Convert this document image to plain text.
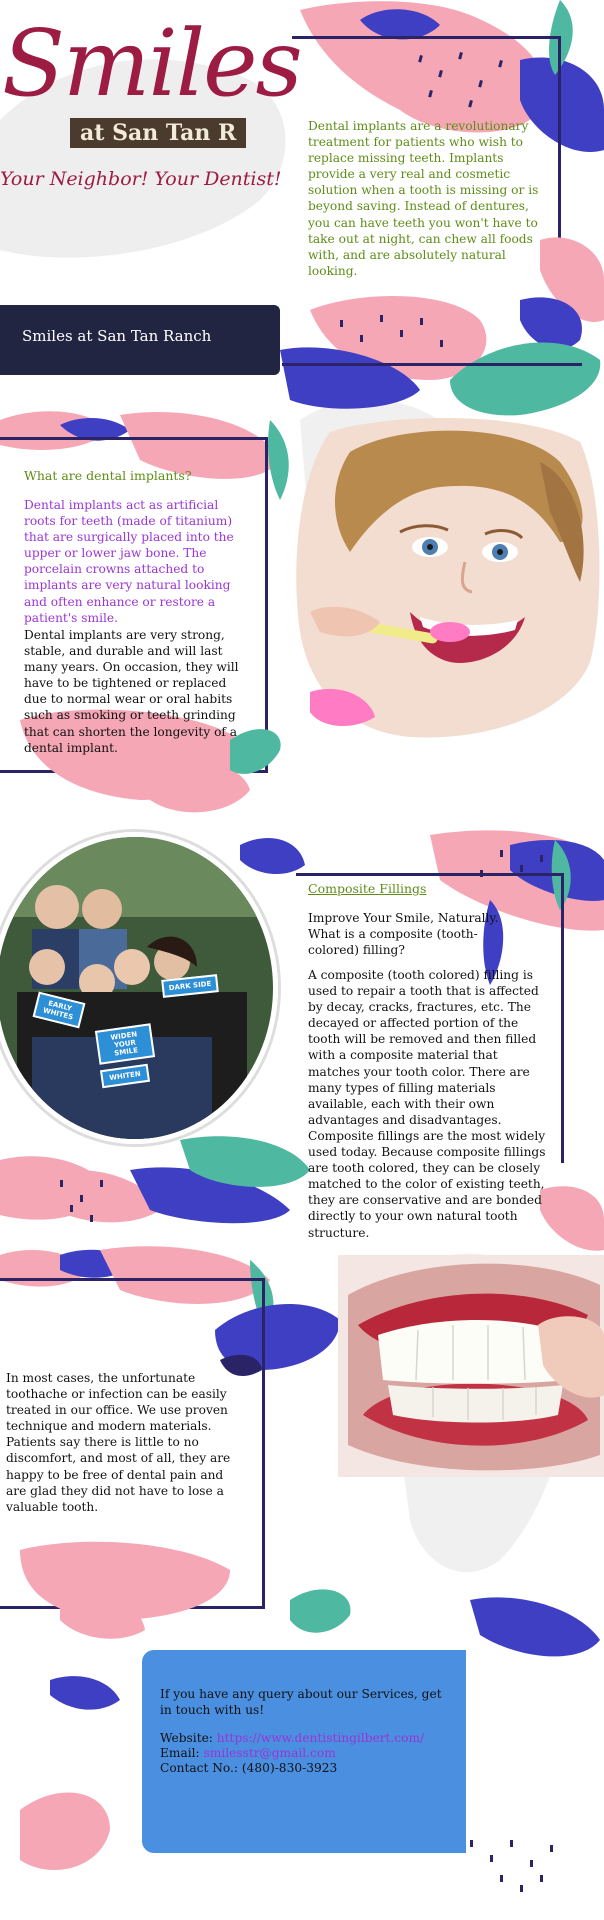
Smiles
at San Tan R
Your Neighbor! Your Dentist!

Dental implants are a revolutionary treatment for patients who wish to replace missing teeth. Implants provide a very real and cosmetic solution when a tooth is missing or is beyond saving. Instead of dentures, you can have teeth you won't have to take out at night, can chew all foods with, and are absolutely natural looking.

Smiles at San Tan Ranch
What are dental implants?

Dental implants act as artificial roots for teeth (made of titanium) that are surgically placed into the upper or lower jaw bone. The porcelain crowns attached to implants are very natural looking and often enhance or restore a patient's smile.

Dental implants are very strong, stable, and durable and will last many years. On occasion, they will have to be tightened or replaced due to normal wear or oral habits such as smoking or teeth grinding that can shorten the longevity of a dental implant.

WIDEN YOUR SMILE
WHITEN
DARK SIDE
EARLY WHITES
Composite Fillings

Improve Your Smile, Naturally. What is a composite (tooth-colored) filling?

A composite (tooth colored) filling is used to repair a tooth that is affected by decay, cracks, fractures, etc. The decayed or affected portion of the tooth will be removed and then filled with a composite material that matches your tooth color. There are many types of filling materials available, each with their own advantages and disadvantages. Composite fillings are the most widely used today. Because composite fillings are tooth colored, they can be closely matched to the color of existing teeth, they are conservative and are bonded directly to your own natural tooth structure.

In most cases, the unfortunate toothache or infection can be easily treated in our office. We use proven technique and modern materials. Patients say there is little to no discomfort, and most of all, they are happy to be free of dental pain and are glad they did not have to lose a valuable tooth.

If you have any query about our Services, get in touch with us!

Website: https://www.dentistingilbert.com/
Email: smilesstr@gmail.com
Contact No.: (480)-830-3923
